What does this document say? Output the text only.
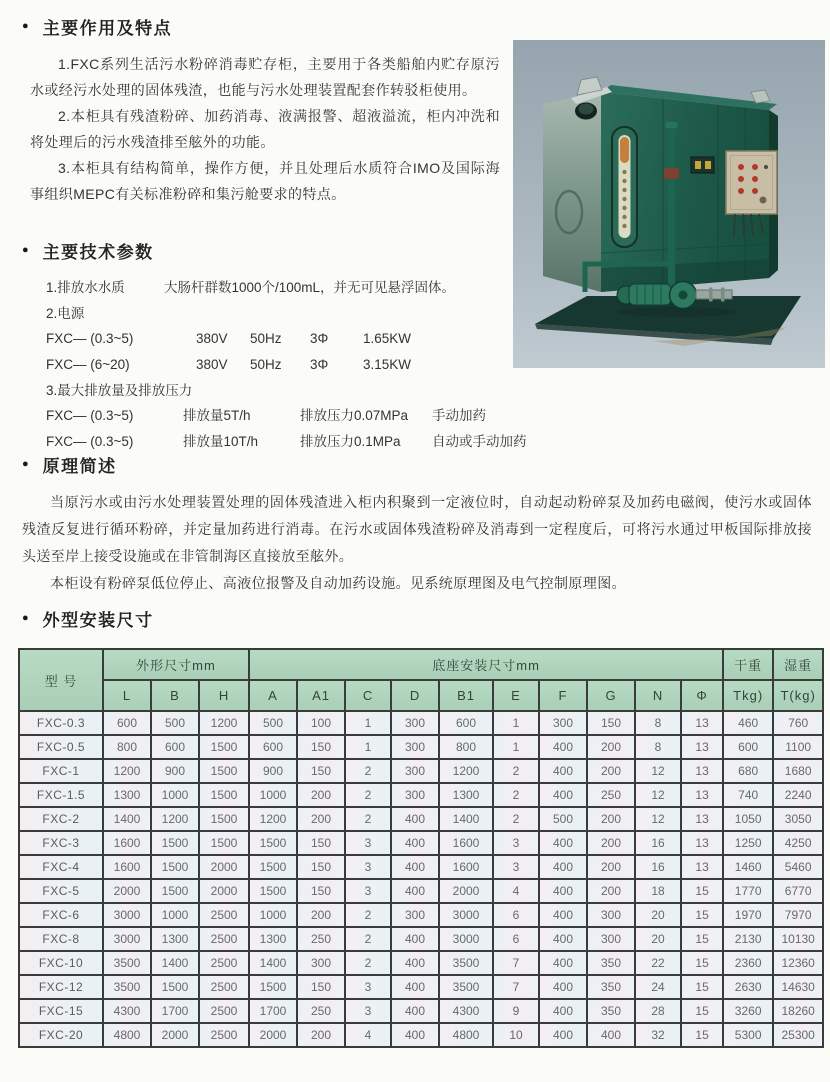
● 主要作用及特点

1.FXC系列生活污水粉碎消毒贮存柜，主要用于各类船舶内贮存原污水或经污水处理的固体残渣，也能与污水处理装置配套作转驳柜使用。

2.本柜具有残渣粉碎、加药消毒、液满报警、超液溢流，柜内冲洗和将处理后的污水残渣排至舷外的功能。

3.本柜具有结构简单，操作方便，并且处理后水质符合IMO及国际海事组织MEPC有关标准粉碎和集污舱要求的特点。

● 主要技术参数
1.排放水水质	大肠杆群数1000个/100mL，并无可见悬浮固体。
2.电源
FXC— (0.3~5)	380V	50Hz	3Φ	1.65KW
FXC— (6~20)	380V	50Hz	3Φ	3.15KW
3.最大排放量及排放压力
FXC— (0.3~5)	排放量5T/h	排放压力0.07MPa	手动加药
FXC— (0.3~5)	排放量10T/h	排放压力0.1MPa	自动或手动加药
● 原理简述

当原污水或由污水处理装置处理的固体残渣进入柜内积聚到一定液位时，自动起动粉碎泵及加药电磁阀，使污水或固体残渣反复进行循环粉碎，并定量加药进行消毒。在污水或固体残渣粉碎及消毒到一定程度后，可将污水通过甲板国际排放接头送至岸上接受设施或在非管制海区直接放至舷外。

本柜设有粉碎泵低位停止、高液位报警及自动加药设施。见系统原理图及电气控制原理图。

● 外型安装尺寸
型 号	外形尺寸mm			底座安装尺寸mm										干重	湿重
	L	B	H	A	A1	C	D	B1	E	F	G	N	Φ	Tkg)	T(kg)
FXC-0.3	600	500	1200	500	100	1	300	600	1	300	150	8	13	460	760
FXC-0.5	800	600	1500	600	150	1	300	800	1	400	200	8	13	600	1100
FXC-1	1200	900	1500	900	150	2	300	1200	2	400	200	12	13	680	1680
FXC-1.5	1300	1000	1500	1000	200	2	300	1300	2	400	250	12	13	740	2240
FXC-2	1400	1200	1500	1200	200	2	400	1400	2	500	200	12	13	1050	3050
FXC-3	1600	1500	1500	1500	150	3	400	1600	3	400	200	16	13	1250	4250
FXC-4	1600	1500	2000	1500	150	3	400	1600	3	400	200	16	13	1460	5460
FXC-5	2000	1500	2000	1500	150	3	400	2000	4	400	200	18	15	1770	6770
FXC-6	3000	1000	2500	1000	200	2	300	3000	6	400	300	20	15	1970	7970
FXC-8	3000	1300	2500	1300	250	2	400	3000	6	400	300	20	15	2130	10130
FXC-10	3500	1400	2500	1400	300	2	400	3500	7	400	350	22	15	2360	12360
FXC-12	3500	1500	2500	1500	150	3	400	3500	7	400	350	24	15	2630	14630
FXC-15	4300	1700	2500	1700	250	3	400	4300	9	400	350	28	15	3260	18260
FXC-20	4800	2000	2500	2000	200	4	400	4800	10	400	400	32	15	5300	25300
